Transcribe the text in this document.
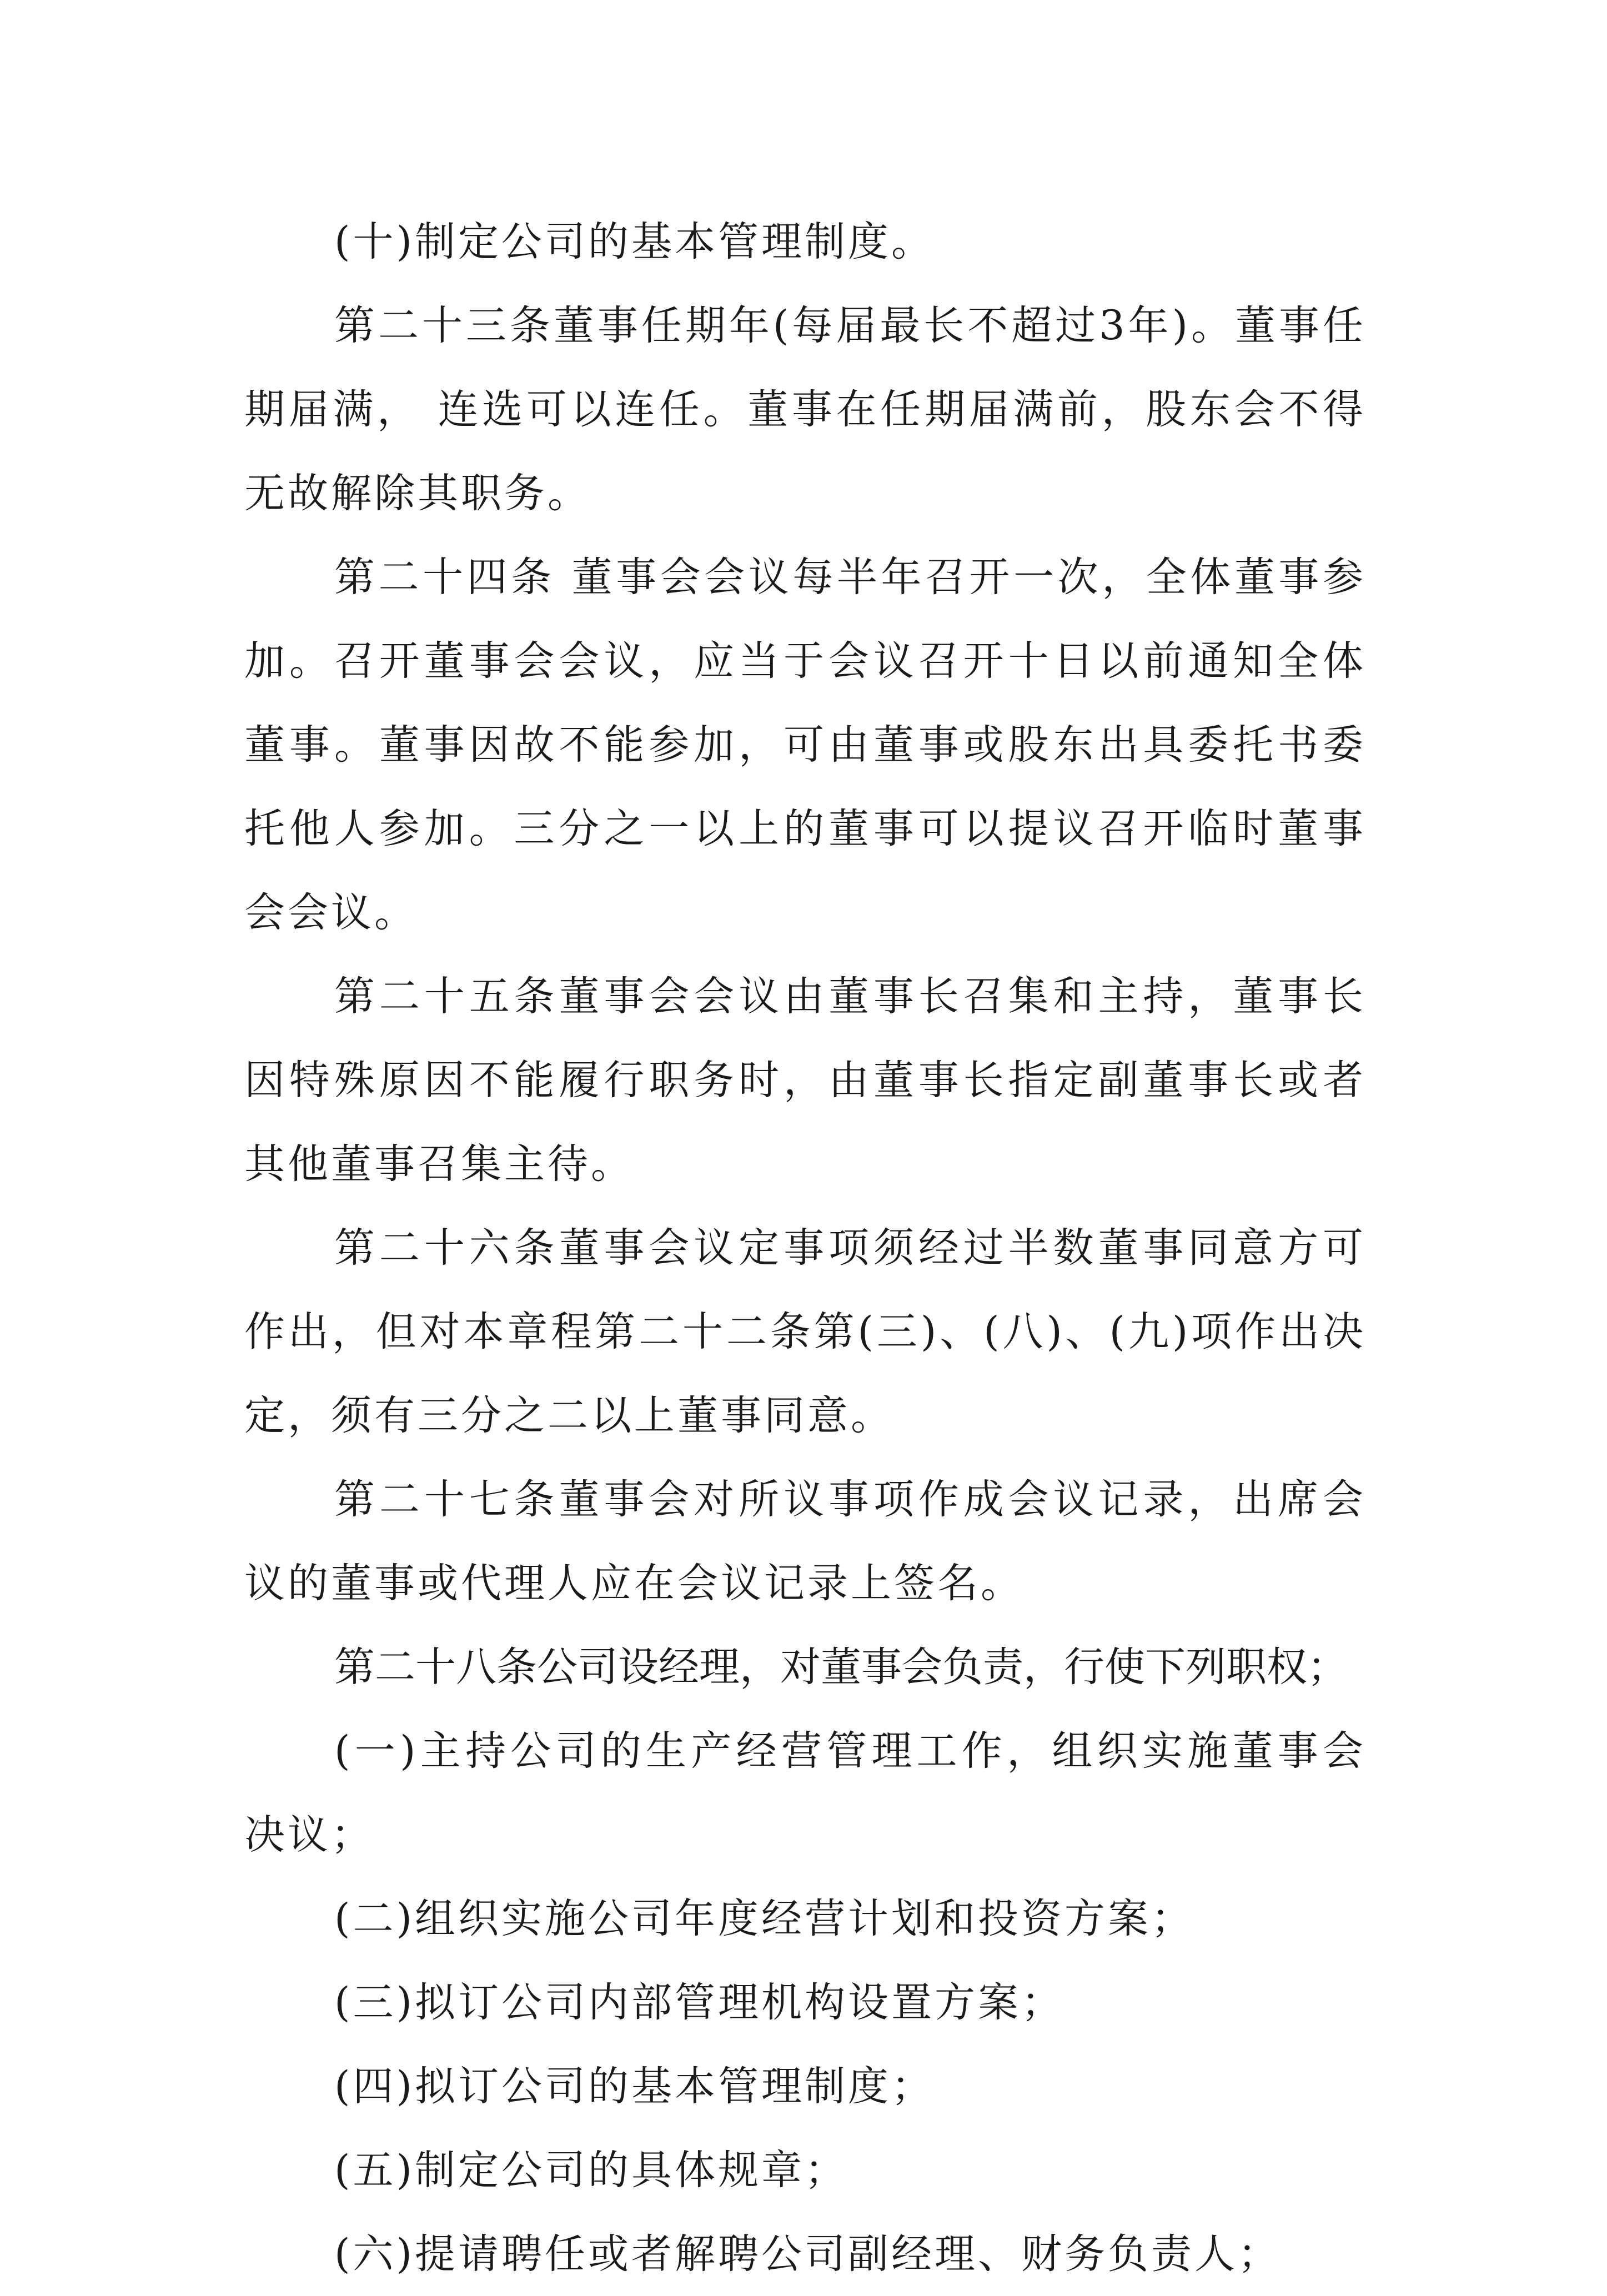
(十)制定公司的基本管理制度。

第二十三条董事任期年(每届最长不超过3年)。董事任期届满， 连选可以连任。董事在任期届满前，股东会不得无故解除其职务。

第二十四条 董事会会议每半年召开一次，全体董事参加。召开董事会会议，应当于会议召开十日以前通知全体董事。董事因故不能参加，可由董事或股东出具委托书委托他人参加。三分之一以上的董事可以提议召开临时董事会会议。

第二十五条董事会会议由董事长召集和主持，董事长因特殊原因不能履行职务时，由董事长指定副董事长或者其他董事召集主待。

第二十六条董事会议定事项须经过半数董事同意方可作出，但对本章程第二十二条第(三)、(八)、(九)项作出决定，须有三分之二以上董事同意。

第二十七条董事会对所议事项作成会议记录，出席会议的董事或代理人应在会议记录上签名。

第二十八条公司设经理，对董事会负责，行使下列职权；

(一)主持公司的生产经营管理工作，组织实施董事会决议；

(二)组织实施公司年度经营计划和投资方案；

(三)拟订公司内部管理机构设置方案；

(四)拟订公司的基本管理制度；

(五)制定公司的具体规章；

(六)提请聘任或者解聘公司副经理、财务负责人；
